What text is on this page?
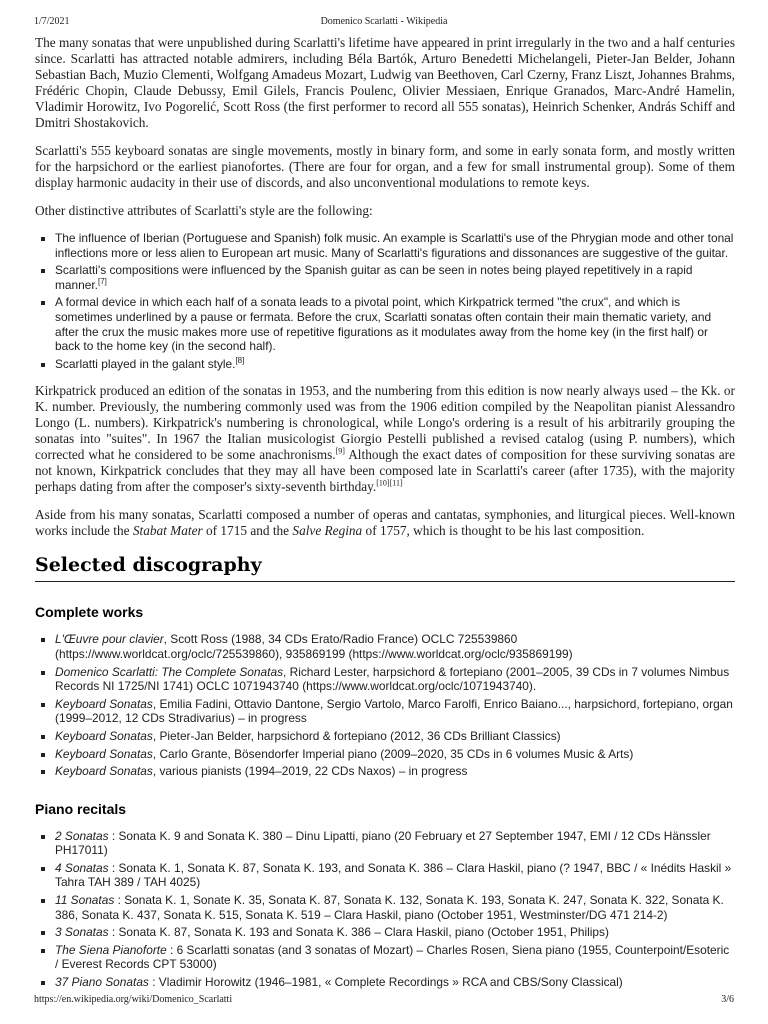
1/7/2021	Domenico Scarlatti - Wikipedia

The many sonatas that were unpublished during Scarlatti's lifetime have appeared in print irregularly in the two and a half centuries since. Scarlatti has attracted notable admirers, including Béla Bartók, Arturo Benedetti Michelangeli, Pieter-Jan Belder, Johann Sebastian Bach, Muzio Clementi, Wolfgang Amadeus Mozart, Ludwig van Beethoven, Carl Czerny, Franz Liszt, Johannes Brahms, Frédéric Chopin, Claude Debussy, Emil Gilels, Francis Poulenc, Olivier Messiaen, Enrique Granados, Marc-André Hamelin, Vladimir Horowitz, Ivo Pogorelić, Scott Ross (the first performer to record all 555 sonatas), Heinrich Schenker, András Schiff and Dmitri Shostakovich.

Scarlatti's 555 keyboard sonatas are single movements, mostly in binary form, and some in early sonata form, and mostly written for the harpsichord or the earliest pianofortes. (There are four for organ, and a few for small instrumental group). Some of them display harmonic audacity in their use of discords, and also unconventional modulations to remote keys.

Other distinctive attributes of Scarlatti's style are the following:

The influence of Iberian (Portuguese and Spanish) folk music. An example is Scarlatti's use of the Phrygian mode and other tonal inflections more or less alien to European art music. Many of Scarlatti's figurations and dissonances are suggestive of the guitar.
Scarlatti's compositions were influenced by the Spanish guitar as can be seen in notes being played repetitively in a rapid manner.[7]
A formal device in which each half of a sonata leads to a pivotal point, which Kirkpatrick termed "the crux", and which is sometimes underlined by a pause or fermata. Before the crux, Scarlatti sonatas often contain their main thematic variety, and after the crux the music makes more use of repetitive figurations as it modulates away from the home key (in the first half) or back to the home key (in the second half).
Scarlatti played in the galant style.[8]

Kirkpatrick produced an edition of the sonatas in 1953, and the numbering from this edition is now nearly always used – the Kk. or K. number. Previously, the numbering commonly used was from the 1906 edition compiled by the Neapolitan pianist Alessandro Longo (L. numbers). Kirkpatrick's numbering is chronological, while Longo's ordering is a result of his arbitrarily grouping the sonatas into "suites". In 1967 the Italian musicologist Giorgio Pestelli published a revised catalog (using P. numbers), which corrected what he considered to be some anachronisms.[9] Although the exact dates of composition for these surviving sonatas are not known, Kirkpatrick concludes that they may all have been composed late in Scarlatti's career (after 1735), with the majority perhaps dating from after the composer's sixty-seventh birthday.[10][11]

Aside from his many sonatas, Scarlatti composed a number of operas and cantatas, symphonies, and liturgical pieces. Well-known works include the Stabat Mater of 1715 and the Salve Regina of 1757, which is thought to be his last composition.

Selected discography
Complete works
L'Œuvre pour clavier, Scott Ross (1988, 34 CDs Erato/Radio France) OCLC 725539860 (https://www.worldcat.org/oclc/725539860), 935869199 (https://www.worldcat.org/oclc/935869199)
Domenico Scarlatti: The Complete Sonatas, Richard Lester, harpsichord & fortepiano (2001–2005, 39 CDs in 7 volumes Nimbus Records NI 1725/NI 1741) OCLC 1071943740 (https://www.worldcat.org/oclc/1071943740).
Keyboard Sonatas, Emilia Fadini, Ottavio Dantone, Sergio Vartolo, Marco Farolfi, Enrico Baiano..., harpsichord, fortepiano, organ (1999–2012, 12 CDs Stradivarius) – in progress
Keyboard Sonatas, Pieter-Jan Belder, harpsichord & fortepiano (2012, 36 CDs Brilliant Classics)
Keyboard Sonatas, Carlo Grante, Bösendorfer Imperial piano (2009–2020, 35 CDs in 6 volumes Music & Arts)
Keyboard Sonatas, various pianists (1994–2019, 22 CDs Naxos) – in progress
Piano recitals
2 Sonatas : Sonata K. 9 and Sonata K. 380 – Dinu Lipatti, piano (20 February et 27 September 1947, EMI / 12 CDs Hänssler PH17011)
4 Sonatas : Sonata K. 1, Sonata K. 87, Sonata K. 193, and Sonata K. 386 – Clara Haskil, piano (? 1947, BBC / « Inédits Haskil » Tahra TAH 389 / TAH 4025)
11 Sonatas : Sonata K. 1, Sonate K. 35, Sonata K. 87, Sonata K. 132, Sonata K. 193, Sonata K. 247, Sonata K. 322, Sonata K. 386, Sonata K. 437, Sonata K. 515, Sonata K. 519 – Clara Haskil, piano (October 1951, Westminster/DG 471 214-2)
3 Sonatas : Sonata K. 87, Sonata K. 193 and Sonata K. 386 – Clara Haskil, piano (October 1951, Philips)
The Siena Pianoforte : 6 Scarlatti sonatas (and 3 sonatas of Mozart) – Charles Rosen, Siena piano (1955, Counterpoint/Esoteric / Everest Records CPT 53000)
37 Piano Sonatas : Vladimir Horowitz (1946–1981, « Complete Recordings » RCA and CBS/Sony Classical)
https://en.wikipedia.org/wiki/Domenico_Scarlatti	3/6
